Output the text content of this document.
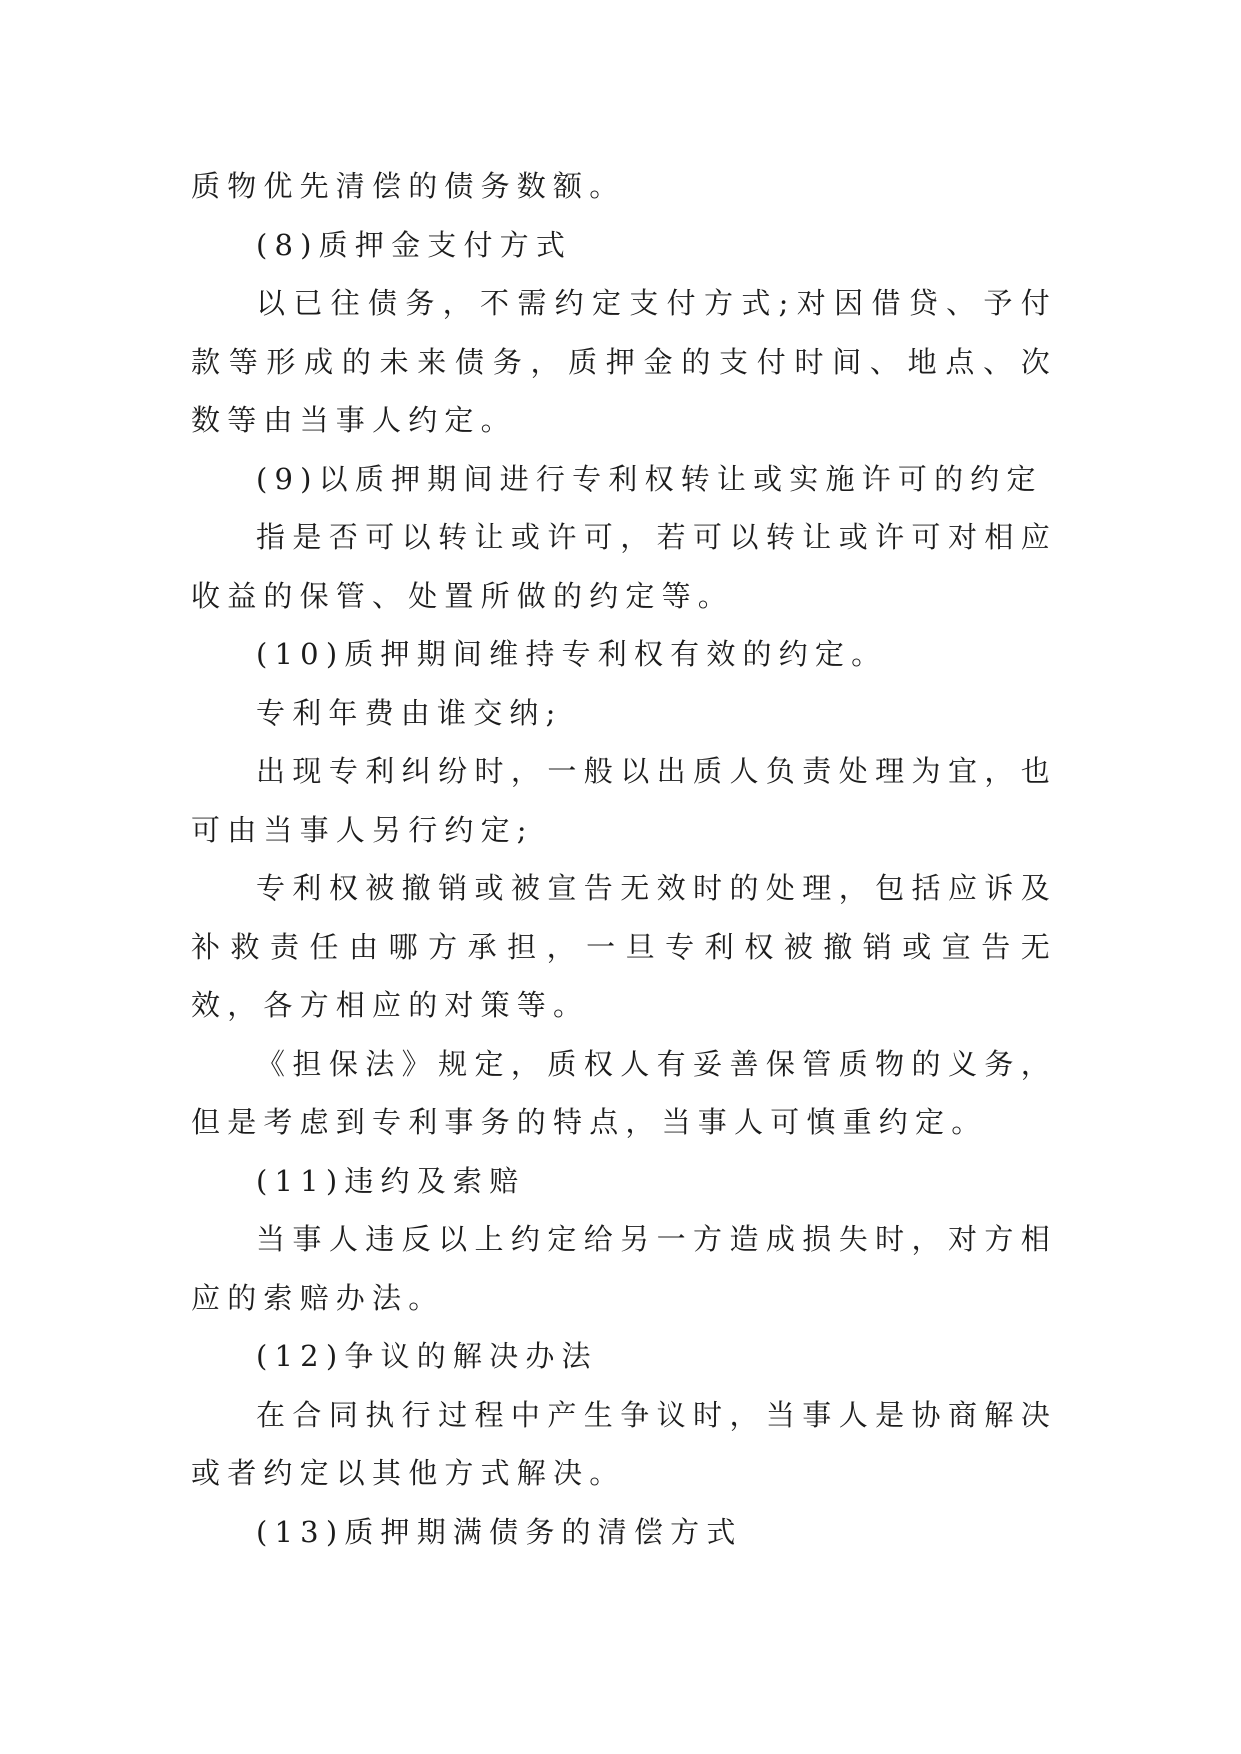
质物优先清偿的债务数额。

(8)质押金支付方式

以已往债务，不需约定支付方式;对因借贷、予付款等形成的未来债务，质押金的支付时间、地点、次数等由当事人约定。

(9)以质押期间进行专利权转让或实施许可的约定

指是否可以转让或许可，若可以转让或许可对相应收益的保管、处置所做的约定等。

(10)质押期间维持专利权有效的约定。

专利年费由谁交纳;

出现专利纠纷时，一般以出质人负责处理为宜，也可由当事人另行约定;

专利权被撤销或被宣告无效时的处理，包括应诉及补救责任由哪方承担，一旦专利权被撤销或宣告无效，各方相应的对策等。

《担保法》规定，质权人有妥善保管质物的义务，但是考虑到专利事务的特点，当事人可慎重约定。

(11)违约及索赔

当事人违反以上约定给另一方造成损失时，对方相应的索赔办法。

(12)争议的解决办法

在合同执行过程中产生争议时，当事人是协商解决或者约定以其他方式解决。

(13)质押期满债务的清偿方式
